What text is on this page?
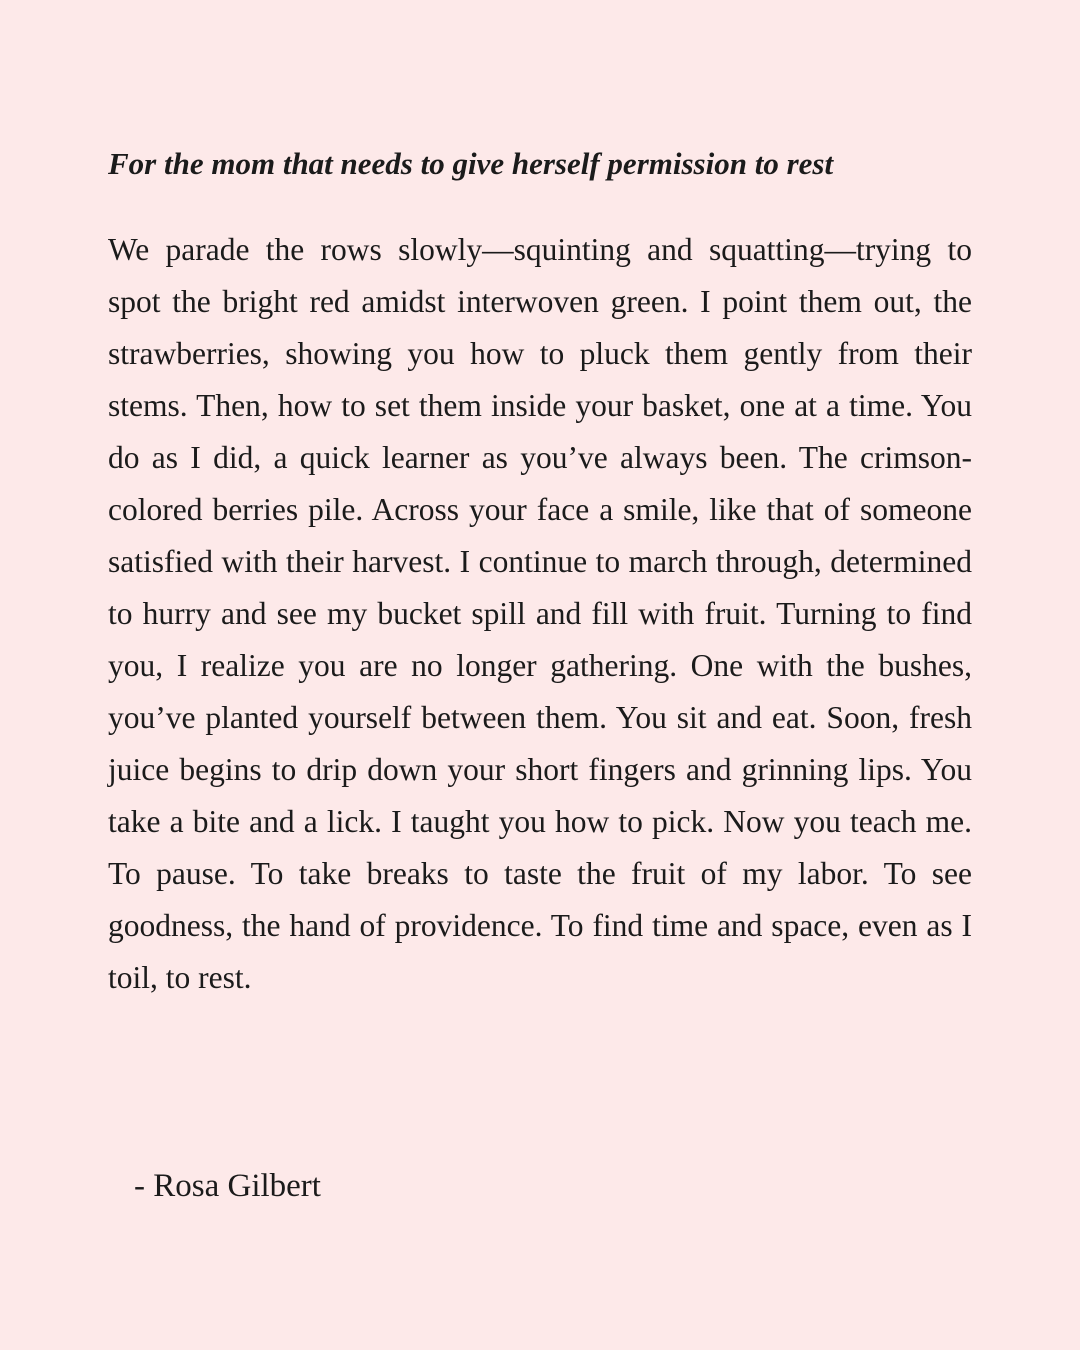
For the mom that needs to give herself permission to rest

We parade the rows slowly—squinting and squatting—trying to spot the bright red amidst interwoven green. I point them out, the strawberries, showing you how to pluck them gently from their stems. Then, how to set them inside your basket, one at a time. You do as I did, a quick learner as you’ve always been. The crimson-colored berries pile. Across your face a smile, like that of someone satisfied with their harvest. I continue to march through, determined to hurry and see my bucket spill and fill with fruit. Turning to find you, I realize you are no longer gathering. One with the bushes, you’ve planted yourself between them. You sit and eat. Soon, fresh juice begins to drip down your short fingers and grinning lips. You take a bite and a lick. I taught you how to pick. Now you teach me. To pause. To take breaks to taste the fruit of my labor. To see goodness, the hand of providence. To find time and space, even as I toil, to rest.

- Rosa Gilbert
